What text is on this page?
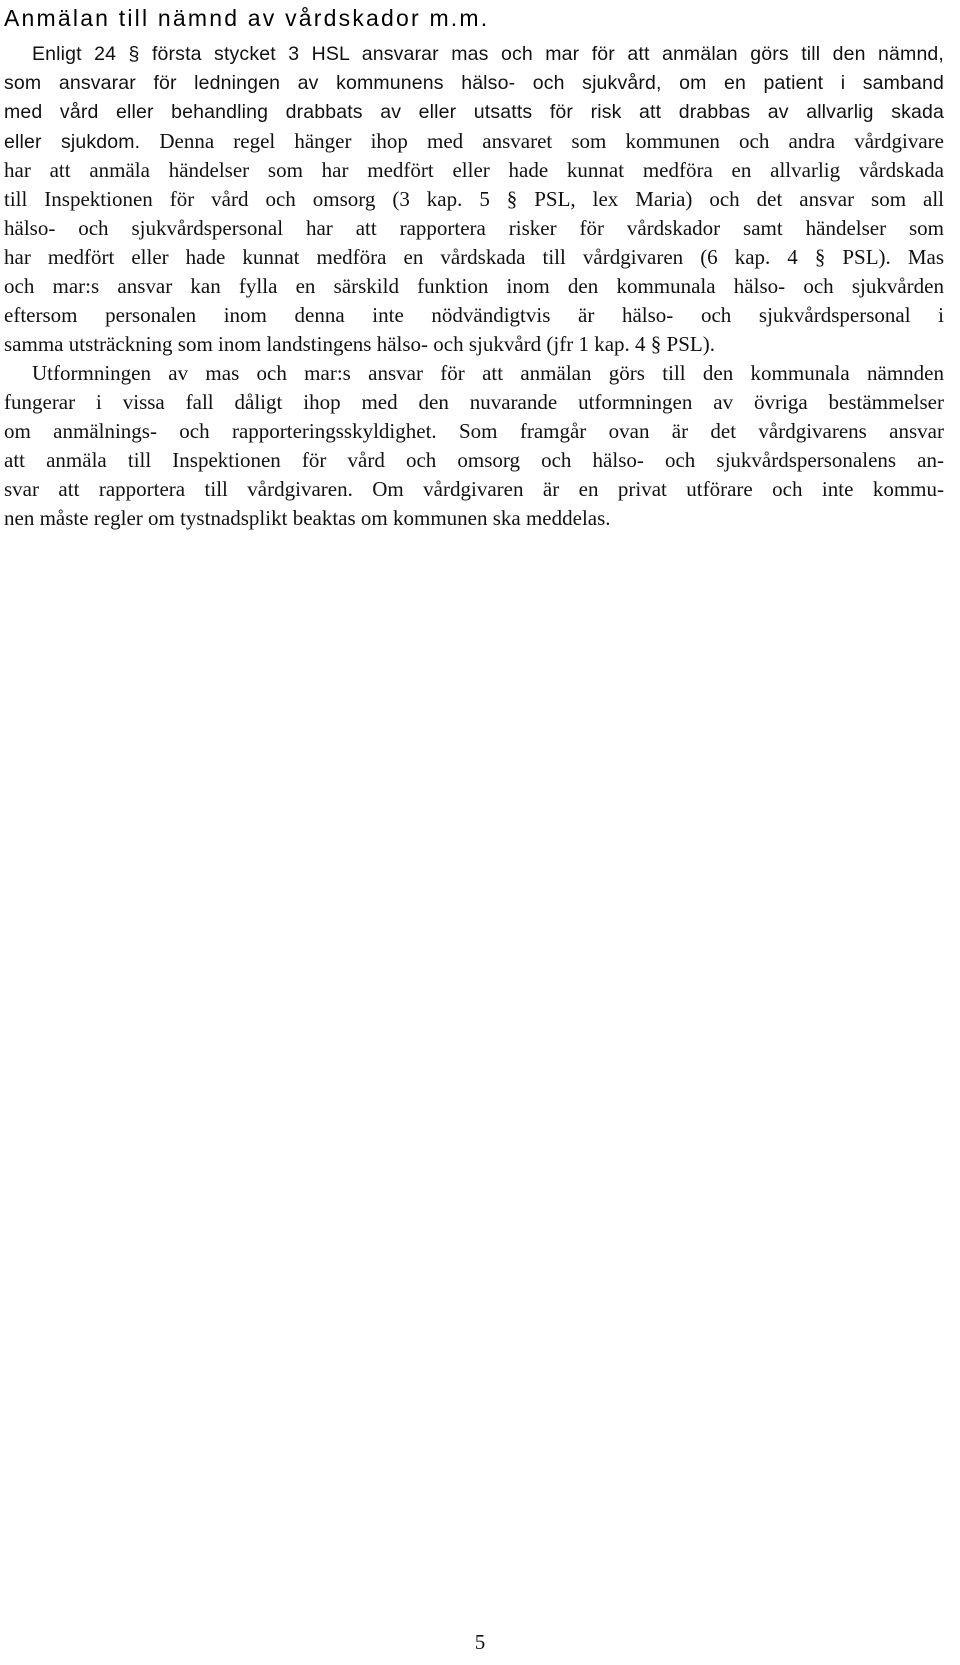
Anmälan till nämnd av vårdskador m.m.
Enligt 24 § första stycket 3 HSL ansvarar mas och mar för att anmälan görs till den nämnd,
som ansvarar för ledningen av kommunens hälso- och sjukvård, om en patient i samband
med vård eller behandling drabbats av eller utsatts för risk att drabbas av allvarlig skada
eller sjukdom. Denna regel hänger ihop med ansvaret som kommunen och andra vårdgivare
har att anmäla händelser som har medfört eller hade kunnat medföra en allvarlig vårdskada
till Inspektionen för vård och omsorg (3 kap. 5 § PSL, lex Maria) och det ansvar som all
hälso- och sjukvårdspersonal har att rapportera risker för vårdskador samt händelser som
har medfört eller hade kunnat medföra en vårdskada till vårdgivaren (6 kap. 4 § PSL). Mas
och mar:s ansvar kan fylla en särskild funktion inom den kommunala hälso- och sjukvården
eftersom personalen inom denna inte nödvändigtvis är hälso- och sjukvårdspersonal i
samma utsträckning som inom landstingens hälso- och sjukvård (jfr 1 kap. 4 § PSL).
Utformningen av mas och mar:s ansvar för att anmälan görs till den kommunala nämnden
fungerar i vissa fall dåligt ihop med den nuvarande utformningen av övriga bestämmelser
om anmälnings- och rapporteringsskyldighet. Som framgår ovan är det vårdgivarens ansvar
att anmäla till Inspektionen för vård och omsorg och hälso- och sjukvårdspersonalens an-
svar att rapportera till vårdgivaren. Om vårdgivaren är en privat utförare och inte kommu-
nen måste regler om tystnadsplikt beaktas om kommunen ska meddelas.
5
